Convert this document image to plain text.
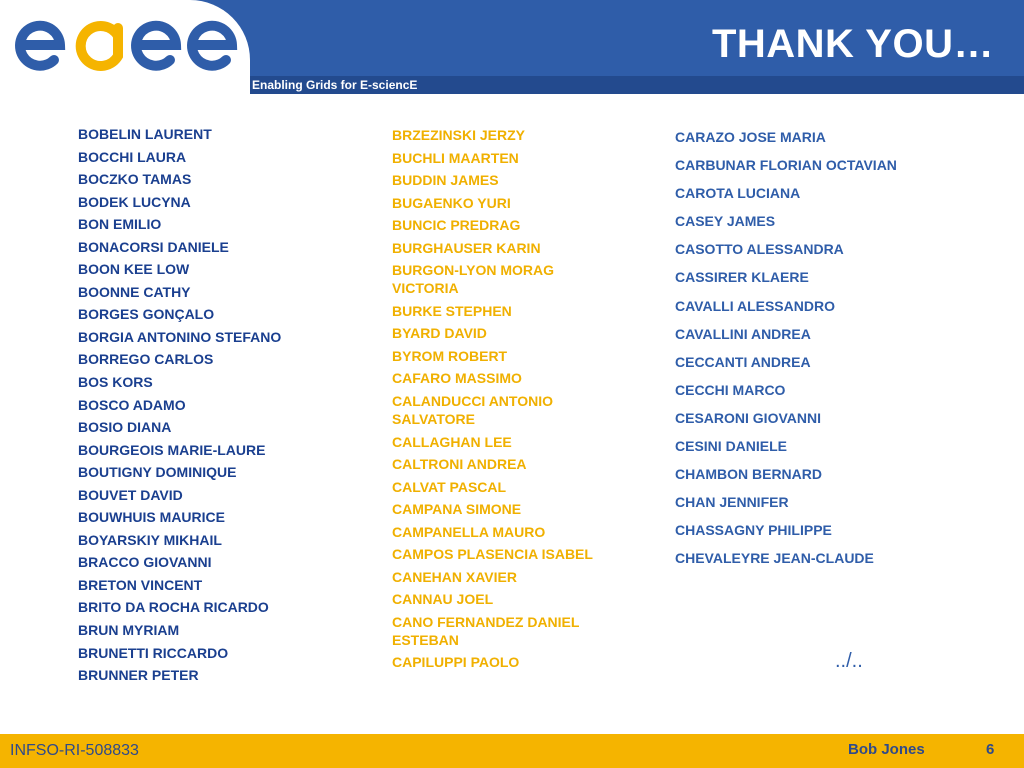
Enabling Grids for E-sciencE
THANK YOU…
BOBELIN LAURENT
BOCCHI LAURA
BOCZKO TAMAS
BODEK LUCYNA
BON EMILIO
BONACORSI DANIELE
BOON KEE LOW
BOONNE CATHY
BORGES GONÇALO
BORGIA ANTONINO STEFANO
BORREGO CARLOS
BOS KORS
BOSCO ADAMO
BOSIO DIANA
BOURGEOIS MARIE-LAURE
BOUTIGNY DOMINIQUE
BOUVET DAVID
BOUWHUIS MAURICE
BOYARSKIY MIKHAIL
BRACCO GIOVANNI
BRETON VINCENT
BRITO DA ROCHA RICARDO
BRUN MYRIAM
BRUNETTI RICCARDO
BRUNNER PETER
BRZEZINSKI JERZY
BUCHLI MAARTEN
BUDDIN JAMES
BUGAENKO YURI
BUNCIC PREDRAG
BURGHAUSER KARIN
BURGON-LYON MORAG VICTORIA
BURKE STEPHEN
BYARD DAVID
BYROM ROBERT
CAFARO MASSIMO
CALANDUCCI ANTONIO SALVATORE
CALLAGHAN LEE
CALTRONI ANDREA
CALVAT PASCAL
CAMPANA SIMONE
CAMPANELLA MAURO
CAMPOS PLASENCIA ISABEL
CANEHAN XAVIER
CANNAU JOEL
CANO FERNANDEZ DANIEL ESTEBAN
CAPILUPPI PAOLO
CARAZO JOSE MARIA
CARBUNAR FLORIAN OCTAVIAN
CAROTA LUCIANA
CASEY JAMES
CASOTTO ALESSANDRA
CASSIRER KLAERE
CAVALLI ALESSANDRO
CAVALLINI ANDREA
CECCANTI ANDREA
CECCHI MARCO
CESARONI GIOVANNI
CESINI DANIELE
CHAMBON BERNARD
CHAN JENNIFER
CHASSAGNY PHILIPPE
CHEVALEYRE JEAN-CLAUDE
../..
INFSO-RI-508833	Bob Jones	6
